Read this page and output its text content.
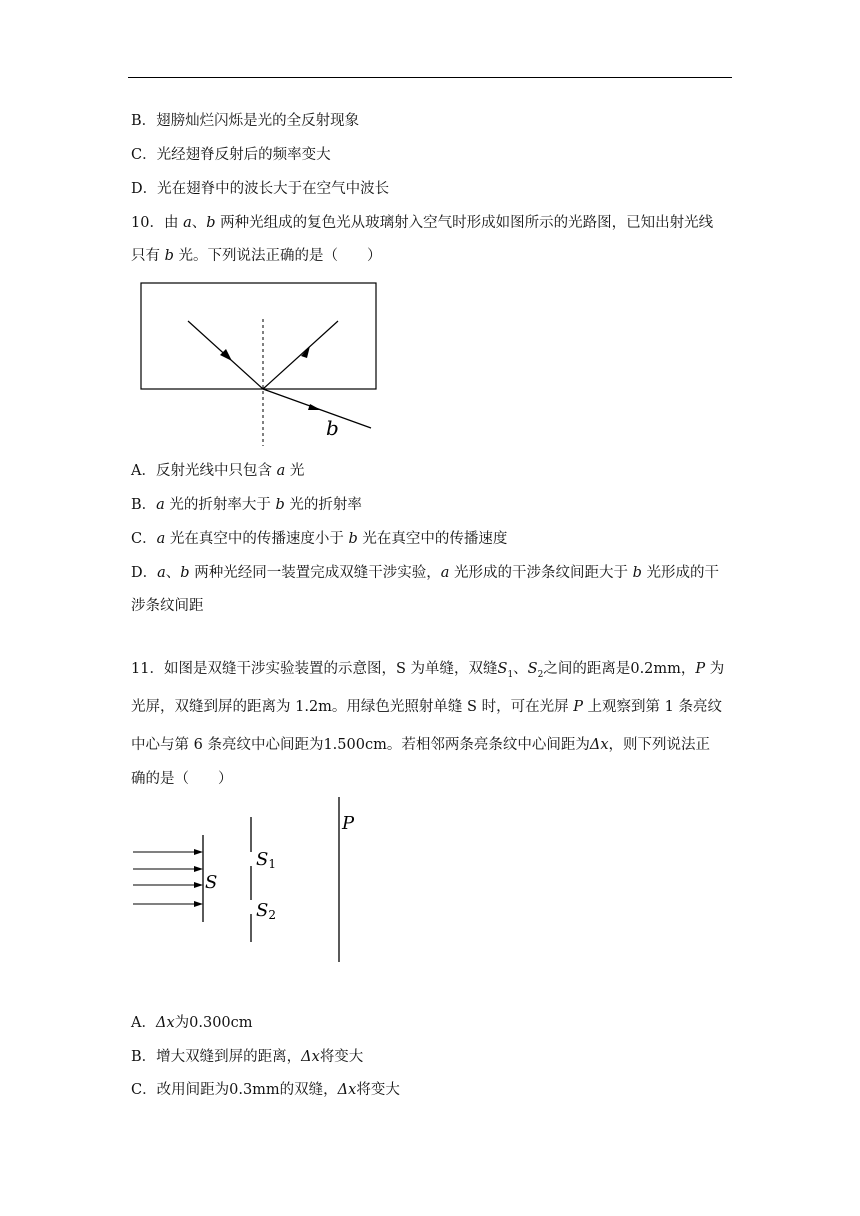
B．翅膀灿烂闪烁是光的全反射现象
C．光经翅脊反射后的频率变大
D．光在翅脊中的波长大于在空气中波长
10．由 a、b 两种光组成的复色光从玻璃射入空气时形成如图所示的光路图，已知出射光线
只有 b 光。下列说法正确的是（　　）
b
A．反射光线中只包含 a 光
B．a 光的折射率大于 b 光的折射率
C．a 光在真空中的传播速度小于 b 光在真空中的传播速度
D．a、b 两种光经同一装置完成双缝干涉实验，a 光形成的干涉条纹间距大于 b 光形成的干
涉条纹间距
11．如图是双缝干涉实验装置的示意图，S 为单缝，双缝$S_1$、$S_2$之间的距离是0.2mm，P 为
光屏，双缝到屏的距离为 1.2m。用绿色光照射单缝 S 时，可在光屏 P 上观察到第 1 条亮纹
中心与第 6 条亮纹中心间距为1.500cm。若相邻两条亮条纹中心间距为Δx，则下列说法正
确的是（　　）
S
S1
S2
P
A．Δx为0.300cm
B．增大双缝到屏的距离，Δx将变大
C．改用间距为0.3mm的双缝，Δx将变大
